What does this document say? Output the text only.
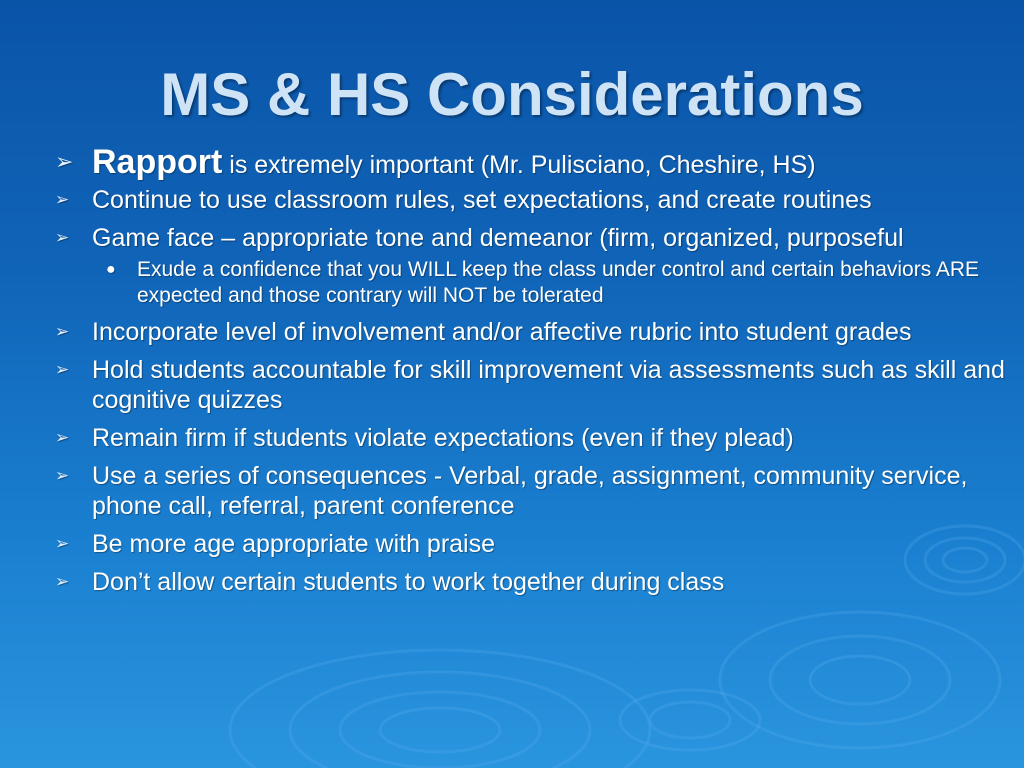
MS & HS Considerations
➢ Rapport is extremely important (Mr. Pulisciano, Cheshire, HS)
➢ Continue to use classroom rules, set expectations, and create routines
➢ Game face – appropriate tone and demeanor (firm, organized, purposeful
● Exude a confidence that you WILL keep the class under control and certain behaviors ARE expected and those contrary will NOT be tolerated
➢ Incorporate level of involvement and/or affective rubric into student grades
➢ Hold students accountable for skill improvement via assessments such as skill and cognitive quizzes
➢ Remain firm if students violate expectations (even if they plead)
➢ Use a series of consequences - Verbal, grade, assignment, community service, phone call, referral, parent conference
➢ Be more age appropriate with praise
➢ Don’t allow certain students to work together during class
